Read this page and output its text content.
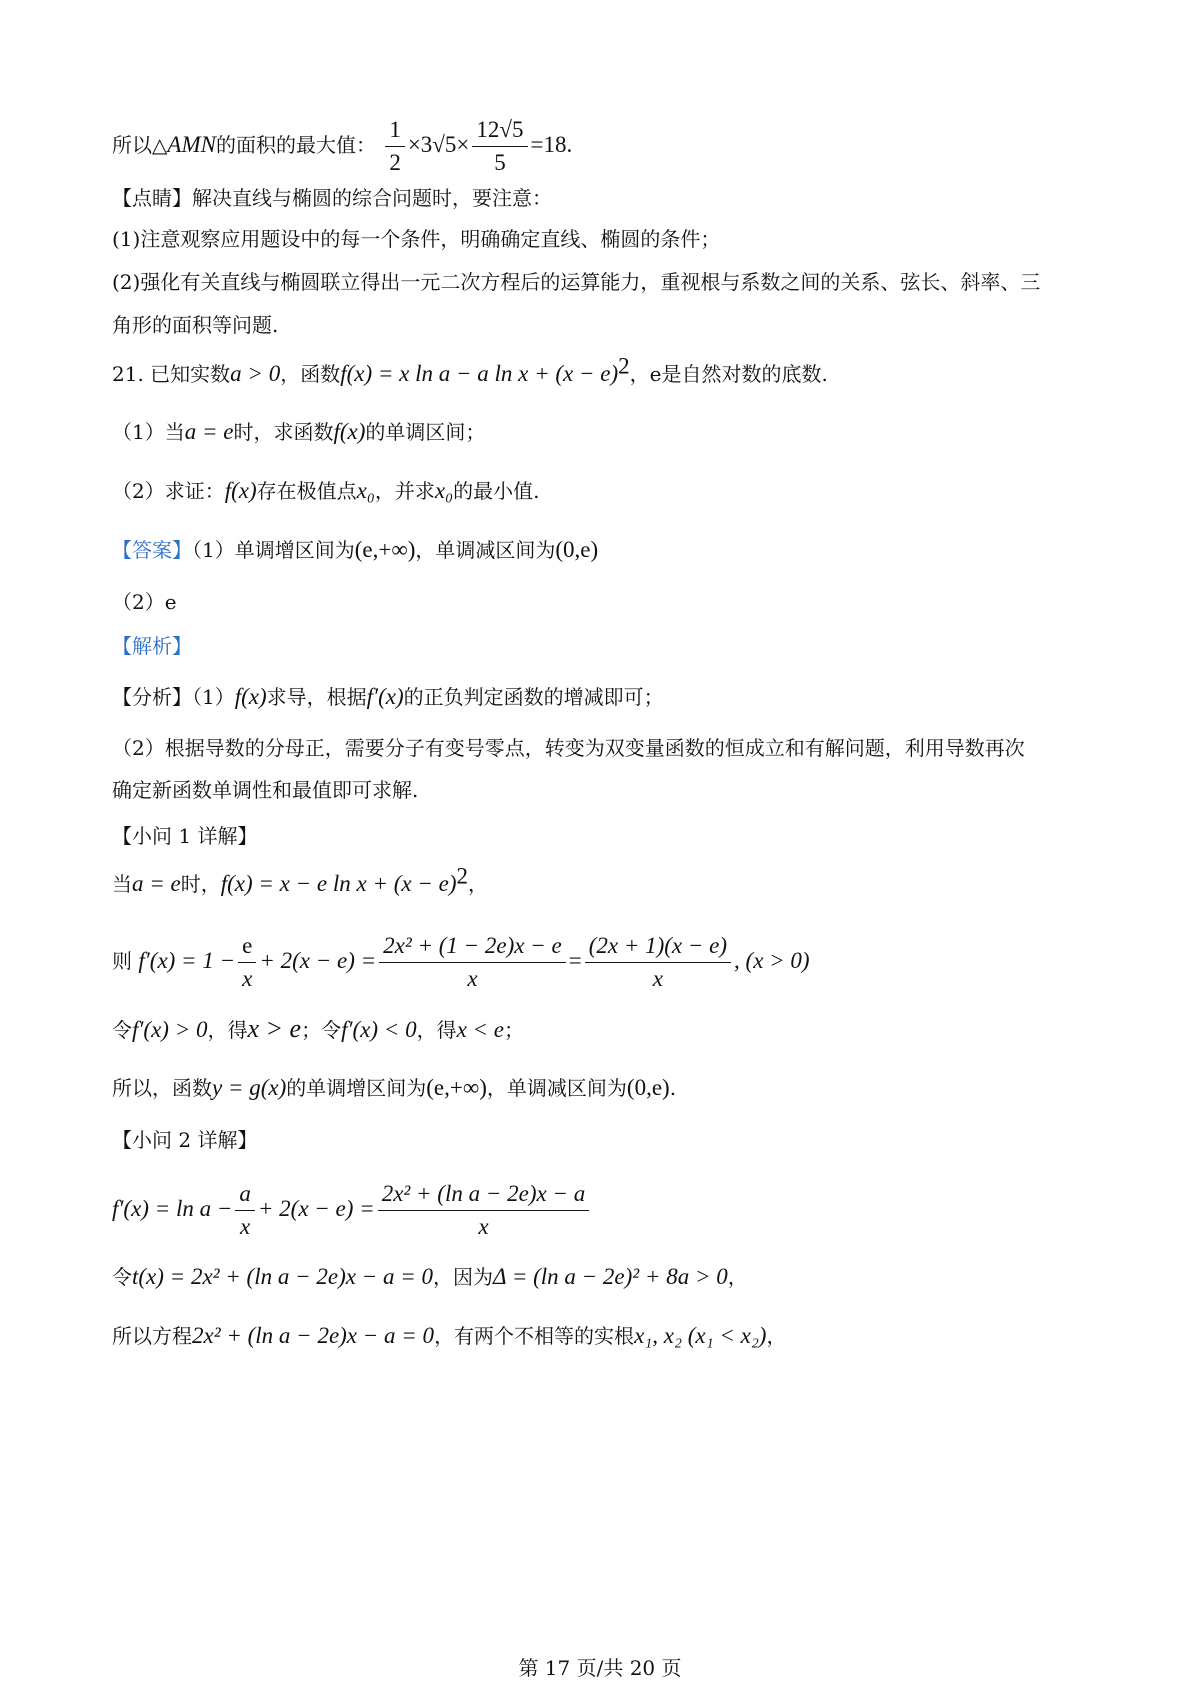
所以△AMN的面积的最大值： $\frac{1}{2} \times 3√5\times \frac{12√5}{5} =18$.
【点睛】解决直线与椭圆的综合问题时，要注意：
(1)注意观察应用题设中的每一个条件，明确确定直线、椭圆的条件；
(2)强化有关直线与椭圆联立得出一元二次方程后的运算能力，重视根与系数之间的关系、弦长、斜率、三
角形的面积等问题.
21. 已知实数a > 0，函数f(x) = x ln a − a $\ln x + (x - e)^2$，e是自然对数的底数.
（1）当a = e时，求函数f(x)的单调区间；
（2）求证：f(x)存在极值点x₀，并求x₀的最小值.
【答案】（1）单调增区间为(e,+∞)，单调减区间为(0,e)
（2）e
【解析】
【分析】（1）f(x)求导，根据f′(x)的正负判定函数的增减即可；
（2）根据导数的分母正，需要分子有变号零点，转变为双变量函数的恒成立和有解问题，利用导数再次
确定新函数单调性和最值即可求解.
【小问 1 详解】
当a = e时，f(x) = x − e $\ln x + (x - e)^2$，
则 $f'(x) = 1 - \frac{e}{x} + 2(x - e) = \frac{\text{2x² + (1 − 2e)x − e}}{x} = \frac{(2x + 1)(x - e)}{x}$ , (x > 0)
令f′(x) > 0，得x > e；令f′(x) < 0，得x < e；
所以，函数y = g(x)的单调增区间为(e,+∞)，单调减区间为(0,e).
【小问 2 详解】
$f'(x) = \ln a - \frac{a}{x} + 2(x - e) = \frac{\text{2x² + (ln a − 2e)x − a}}{x}$
令t(x) = 2x² + (ln a − 2e)x − a = 0，因为Δ = (ln a − 2e)² + 8a > 0，
所以方程2x² + (ln a − 2e)x − a = 0，有两个不相等的实根x₁, x₂ (x₁ < x₂)，
第 17 页/共 20 页
